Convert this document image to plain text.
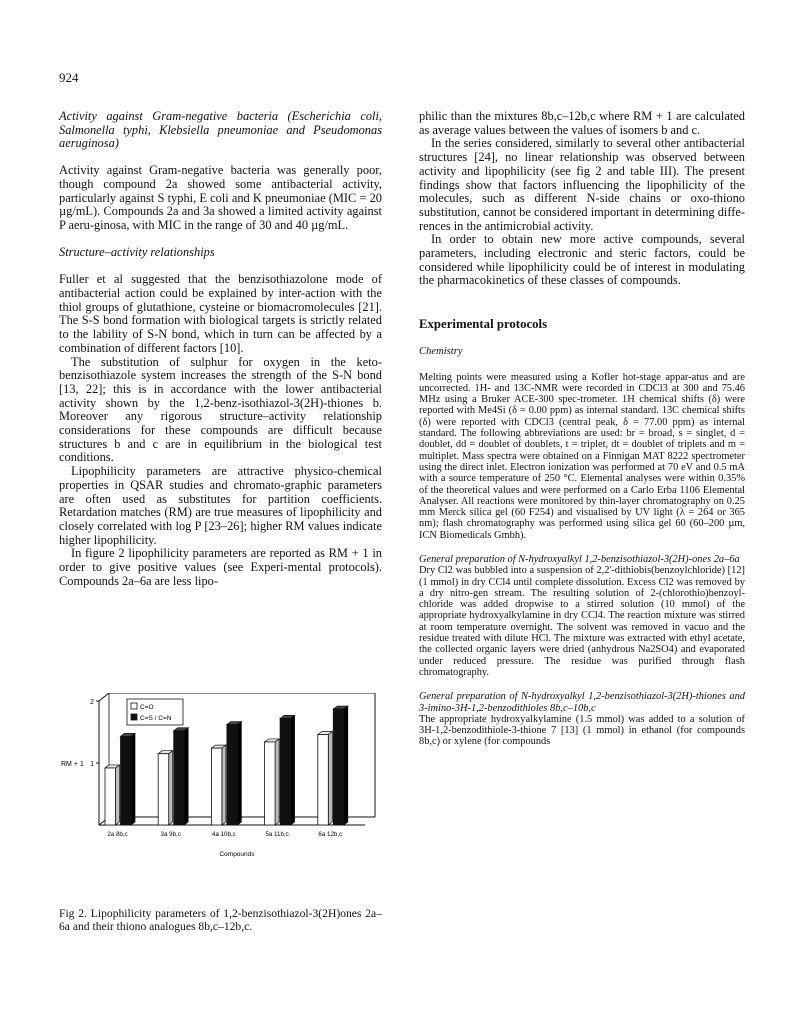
924

Activity against Gram-negative bacteria (Escherichia coli, Salmonella typhi, Klebsiella pneumoniae and Pseudomonas aeruginosa)

Activity against Gram-negative bacteria was generally poor, though compound 2a showed some antibacterial activity, particularly against S typhi, E coli and K pneumoniae (MIC = 20 µg/mL). Compounds 2a and 3a showed a limited activity against P aeru-ginosa, with MIC in the range of 30 and 40 µg/mL.

Structure–activity relationships

Fuller et al suggested that the benzisothiazolone mode of antibacterial action could be explained by inter-action with the thiol groups of glutathione, cysteine or biomacromolecules [21]. The S-S bond formation with biological targets is strictly related to the lability of S-N bond, which in turn can be affected by a combination of different factors [10].

The substitution of sulphur for oxygen in the keto-benzisothiazole system increases the strength of the S-N bond [13, 22]; this is in accordance with the lower antibacterial activity shown by the 1,2-benz-isothiazol-3(2H)-thiones b. Moreover any rigorous structure–activity relationship considerations for these compounds are difficult because structures b and c are in equilibrium in the biological test conditions.

Lipophilicity parameters are attractive physico-chemical properties in QSAR studies and chromato-graphic parameters are often used as substitutes for partition coefficients. Retardation matches (RM) are true measures of lipophilicity and closely correlated with log P [23–26]; higher RM values indicate higher lipophilicity.

In figure 2 lipophilicity parameters are reported as RM + 1 in order to give positive values (see Experi-mental protocols). Compounds 2a–6a are less lipo-

2
1
RM + 1
2a 8b,c	3a 9b,c	4a 10b,c	5a 11b,c	6a 12b,c
Compounds
C=O
C=S / C=N
Fig 2. Lipophilicity parameters of 1,2-benzisothiazol-3(2H)ones 2a–6a and their thiono analogues 8b,c–12b,c.

philic than the mixtures 8b,c–12b,c where RM + 1 are calculated as average values between the values of isomers b and c.

In the series considered, similarly to several other antibacterial structures [24], no linear relationship was observed between activity and lipophilicity (see fig 2 and table III). The present findings show that factors influencing the lipophilicity of the molecules, such as different N-side chains or oxo-thiono substitution, cannot be considered important in determining diffe-rences in the antimicrobial activity.

In order to obtain new more active compounds, several parameters, including electronic and steric factors, could be considered while lipophilicity could be of interest in modulating the pharmacokinetics of these classes of compounds.

Experimental protocols

Chemistry

Melting points were measured using a Kofler hot-stage appar-atus and are uncorrected. 1H- and 13C-NMR were recorded in CDCl3 at 300 and 75.46 MHz using a Bruker ACE-300 spec-trometer. 1H chemical shifts (δ) were reported with Me4Si (δ = 0.00 ppm) as internal standard. 13C chemical shifts (δ) were reported with CDCl3 (central peak, δ = 77.00 ppm) as internal standard. The following abbreviations are used: br = broad, s = singlet, d = doublet, dd = doublet of doublets, t = triplet, dt = doublet of triplets and m = multiplet. Mass spectra were obtained on a Finnigan MAT 8222 spectrometer using the direct inlet. Electron ionization was performed at 70 eV and 0.5 mA with a source temperature of 250 °C. Elemental analyses were within 0.35% of the theoretical values and were performed on a Carlo Erba 1106 Elemental Analyser. All reactions were monitored by thin-layer chromatography on 0.25 mm Merck silica gel (60 F254) and visualised by UV light (λ = 264 or 365 nm); flash chromatography was performed using silica gel 60 (60–200 µm, ICN Biomedicals Gmbh).

General preparation of N-hydroxyalkyl 1,2-benzisothiazol-3(2H)-ones 2a–6a

Dry Cl2 was bubbled into a suspension of 2,2'-dithiobis(benzoylchloride) [12] (1 mmol) in dry CCl4 until complete dissolution. Excess Cl2 was removed by a dry nitro-gen stream. The resulting solution of 2-(chlorothio)benzoyl-chloride was added dropwise to a stirred solution (10 mmol) of the appropriate hydroxyalkylamine in dry CCl4. The reaction mixture was stirred at room temperature overnight. The solvent was removed in vacuo and the residue treated with dilute HCl. The mixture was extracted with ethyl acetate, the collected organic layers were dried (anhydrous Na2SO4) and evaporated under reduced pressure. The residue was purified through flash chromatography.

General preparation of N-hydroxyalkyl 1,2-benzisothiazol-3(2H)-thiones and 3-imino-3H-1,2-benzodithioles 8b,c–10b,c

The appropriate hydroxyalkylamine (1.5 mmol) was added to a solution of 3H-1,2-benzodithiole-3-thione 7 [13] (1 mmol) in ethanol (for compounds 8b,c) or xylene (for compounds
